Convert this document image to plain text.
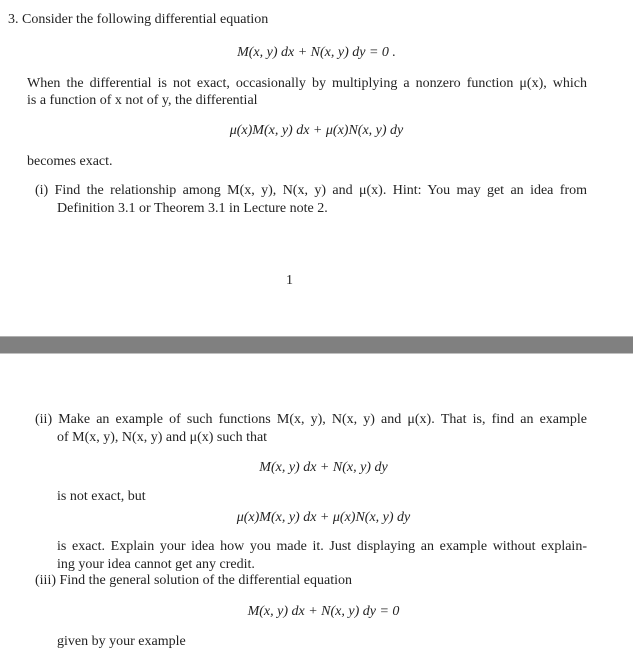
3. Consider the following differential equation
M(x, y) dx + N(x, y) dy = 0 .
When the differential is not exact, occasionally by multiplying a nonzero function μ(x), which
is a function of x not of y, the differential
μ(x)M(x, y) dx + μ(x)N(x, y) dy
becomes exact.
(i) Find the relationship among M(x, y), N(x, y) and μ(x). Hint: You may get an idea from
Definition 3.1 or Theorem 3.1 in Lecture note 2.
1
(ii) Make an example of such functions M(x, y), N(x, y) and μ(x). That is, find an example
of M(x, y), N(x, y) and μ(x) such that
M(x, y) dx + N(x, y) dy
is not exact, but
μ(x)M(x, y) dx + μ(x)N(x, y) dy
is exact. Explain your idea how you made it. Just displaying an example without explain-
ing your idea cannot get any credit.
(iii) Find the general solution of the differential equation
M(x, y) dx + N(x, y) dy = 0
given by your example
